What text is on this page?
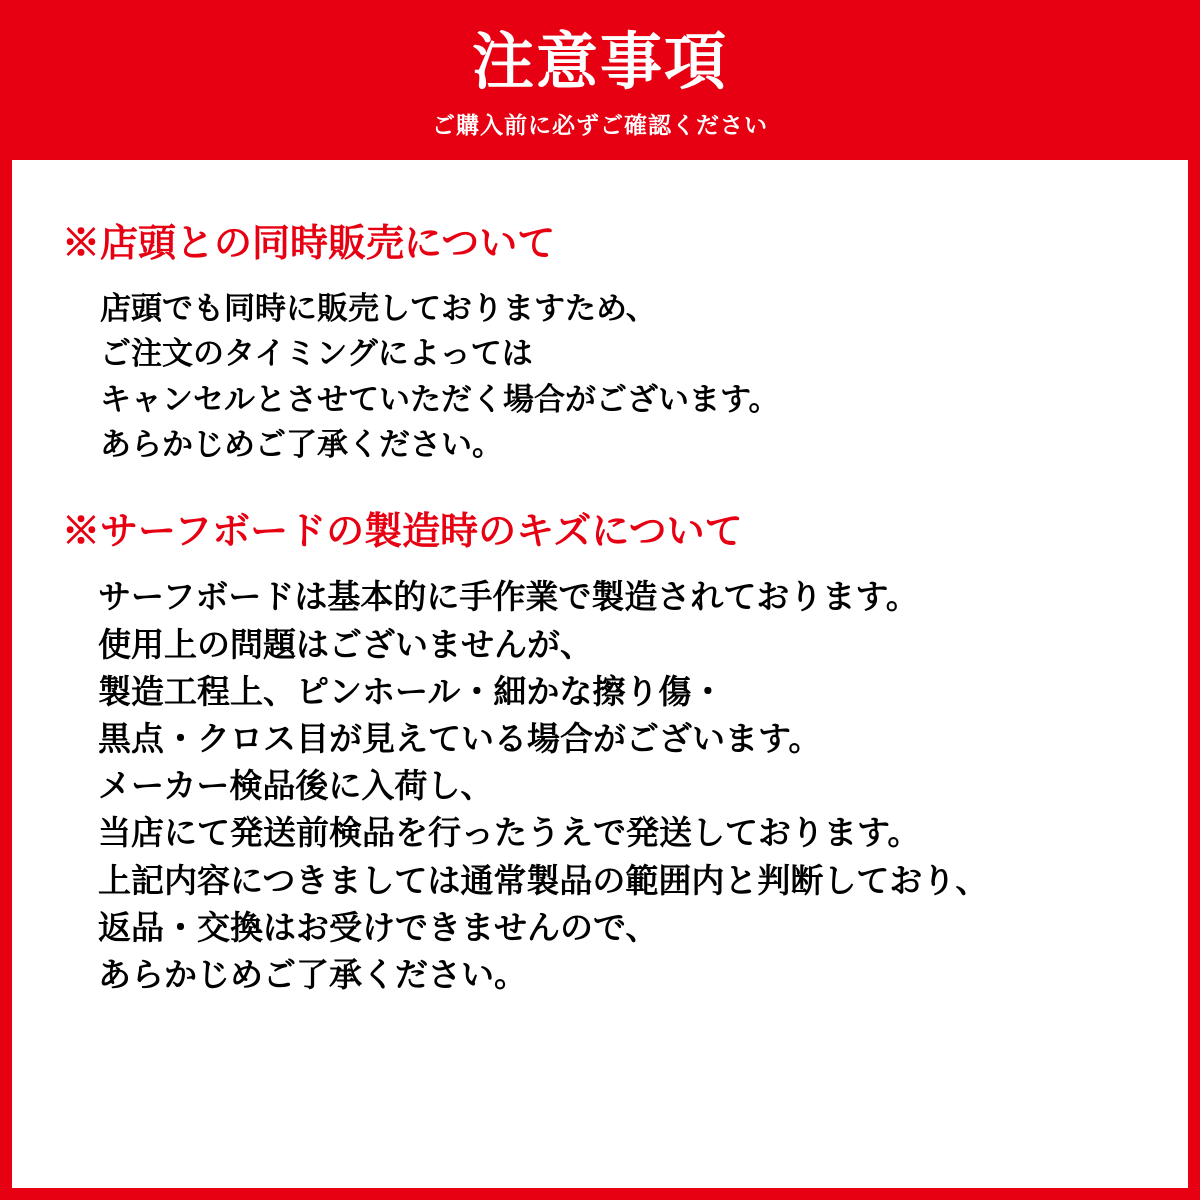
注意事項
ご購入前に必ずご確認ください
※店頭との同時販売について
店頭でも同時に販売しておりますため、
ご注文のタイミングによっては
キャンセルとさせていただく場合がございます。
あらかじめご了承ください。
※サーフボードの製造時のキズについて
サーフボードは基本的に手作業で製造されております。
使用上の問題はございませんが、
製造工程上、ピンホール・細かな擦り傷・
黒点・クロス目が見えている場合がございます。
メーカー検品後に入荷し、
当店にて発送前検品を行ったうえで発送しております。
上記内容につきましては通常製品の範囲内と判断しており、
返品・交換はお受けできませんので、
あらかじめご了承ください。
